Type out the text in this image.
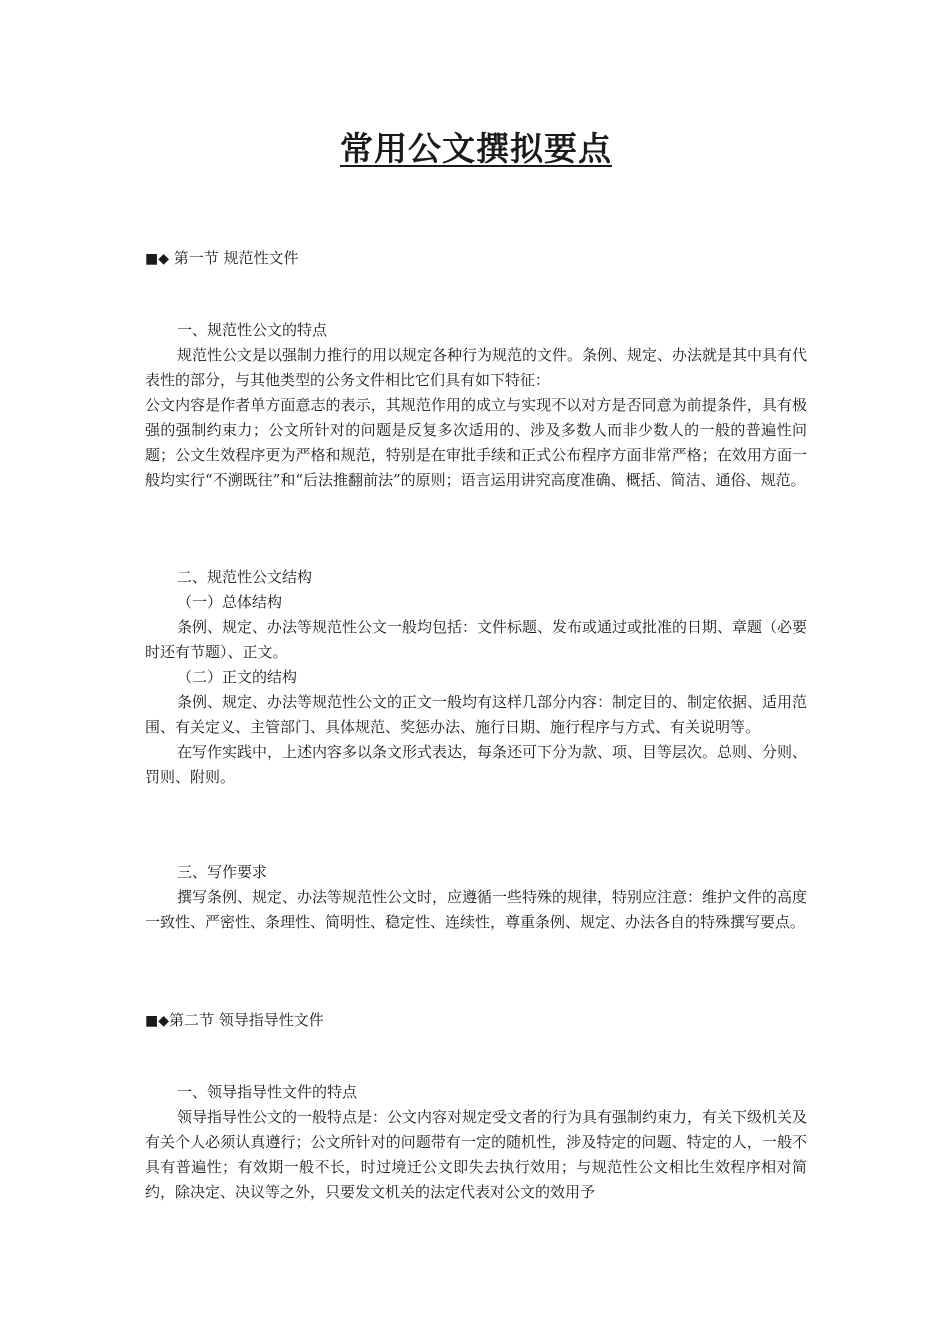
常用公文撰拟要点
■◆ 第一节 规范性文件

一、规范性公文的特点

规范性公文是以强制力推行的用以规定各种行为规范的文件。条例、规定、办法就是其中具有代表性的部分，与其他类型的公务文件相比它们具有如下特征：

公文内容是作者单方面意志的表示，其规范作用的成立与实现不以对方是否同意为前提条件，具有极强的强制约束力；公文所针对的问题是反复多次适用的、涉及多数人而非少数人的一般的普遍性问题；公文生效程序更为严格和规范，特别是在审批手续和正式公布程序方面非常严格；在效用方面一般均实行“不溯既往”和“后法推翻前法”的原则；语言运用讲究高度准确、概括、简洁、通俗、规范。

二、规范性公文结构

（一）总体结构

条例、规定、办法等规范性公文一般均包括：文件标题、发布或通过或批准的日期、章题（必要时还有节题）、正文。

（二）正文的结构

条例、规定、办法等规范性公文的正文一般均有这样几部分内容：制定目的、制定依据、适用范围、有关定义、主管部门、具体规范、奖惩办法、施行日期、施行程序与方式、有关说明等。

在写作实践中，上述内容多以条文形式表达，每条还可下分为款、项、目等层次。总则、分则、罚则、附则。

三、写作要求

撰写条例、规定、办法等规范性公文时，应遵循一些特殊的规律，特别应注意：维护文件的高度一致性、严密性、条理性、简明性、稳定性、连续性，尊重条例、规定、办法各自的特殊撰写要点。

■◆第二节 领导指导性文件

一、领导指导性文件的特点

领导指导性公文的一般特点是：公文内容对规定受文者的行为具有强制约束力，有关下级机关及有关个人必须认真遵行；公文所针对的问题带有一定的随机性，涉及特定的问题、特定的人，一般不具有普遍性；有效期一般不长，时过境迁公文即失去执行效用；与规范性公文相比生效程序相对简约，除决定、决议等之外，只要发文机关的法定代表对公文的效用予
